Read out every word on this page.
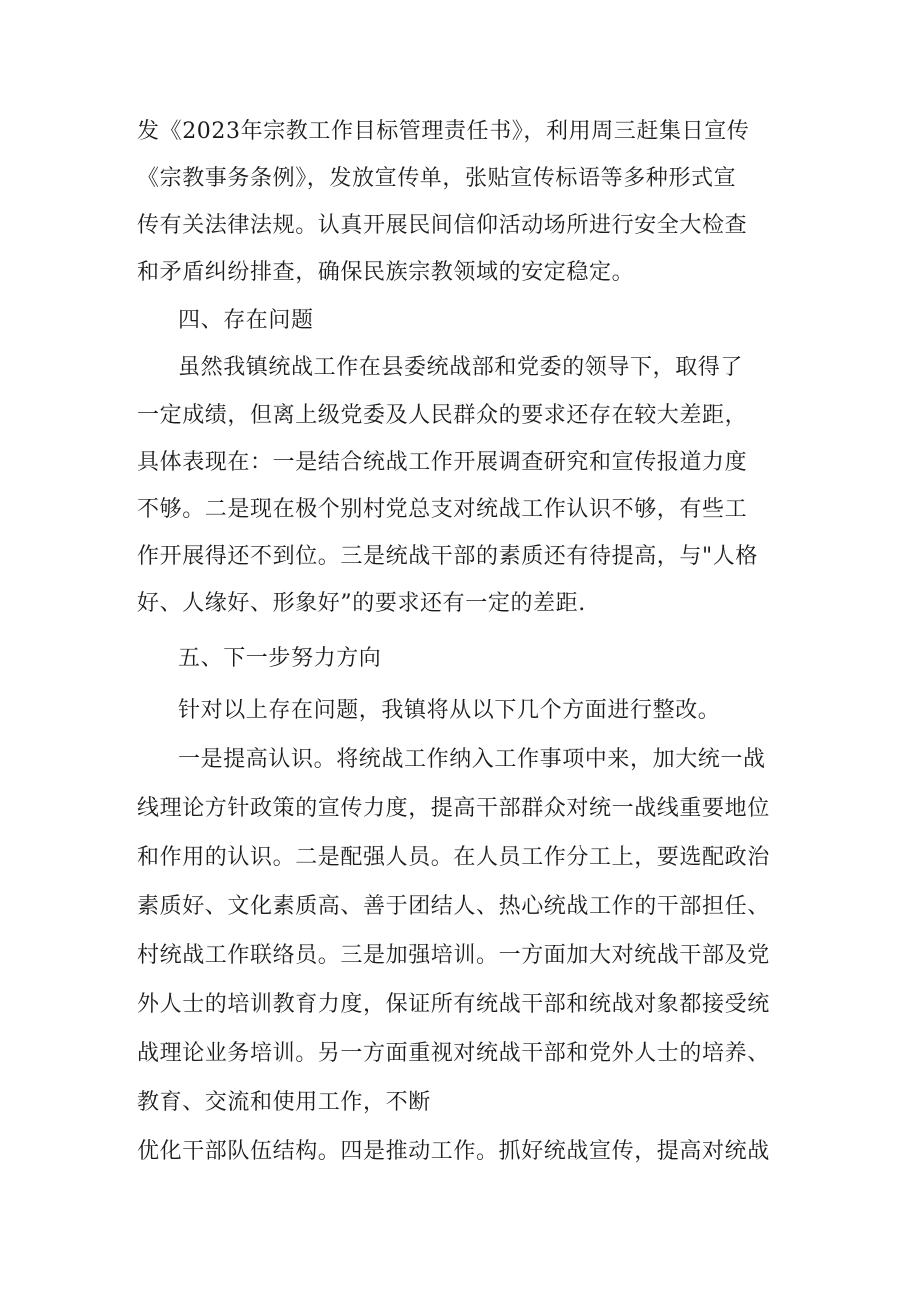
发《2023年宗教工作目标管理责任书》，利用周三赶集日宣传
《宗教事务条例》，发放宣传单，张贴宣传标语等多种形式宣
传有关法律法规。认真开展民间信仰活动场所进行安全大检查
和矛盾纠纷排查，确保民族宗教领域的安定稳定。
四、存在问题
虽然我镇统战工作在县委统战部和党委的领导下，取得了
一定成绩，但离上级党委及人民群众的要求还存在较大差距，
具体表现在：一是结合统战工作开展调查研究和宣传报道力度
不够。二是现在极个别村党总支对统战工作认识不够，有些工
作开展得还不到位。三是统战干部的素质还有待提高，与"人格
好、人缘好、形象好”的要求还有一定的差距.
五、下一步努力方向
针对以上存在问题，我镇将从以下几个方面进行整改。
一是提高认识。将统战工作纳入工作事项中来，加大统一战
线理论方针政策的宣传力度，提高干部群众对统一战线重要地位
和作用的认识。二是配强人员。在人员工作分工上，要选配政治
素质好、文化素质高、善于团结人、热心统战工作的干部担任、
村统战工作联络员。三是加强培训。一方面加大对统战干部及党
外人士的培训教育力度，保证所有统战干部和统战对象都接受统
战理论业务培训。另一方面重视对统战干部和党外人士的培养、
教育、交流和使用工作，不断
优化干部队伍结构。四是推动工作。抓好统战宣传，提高对统战
